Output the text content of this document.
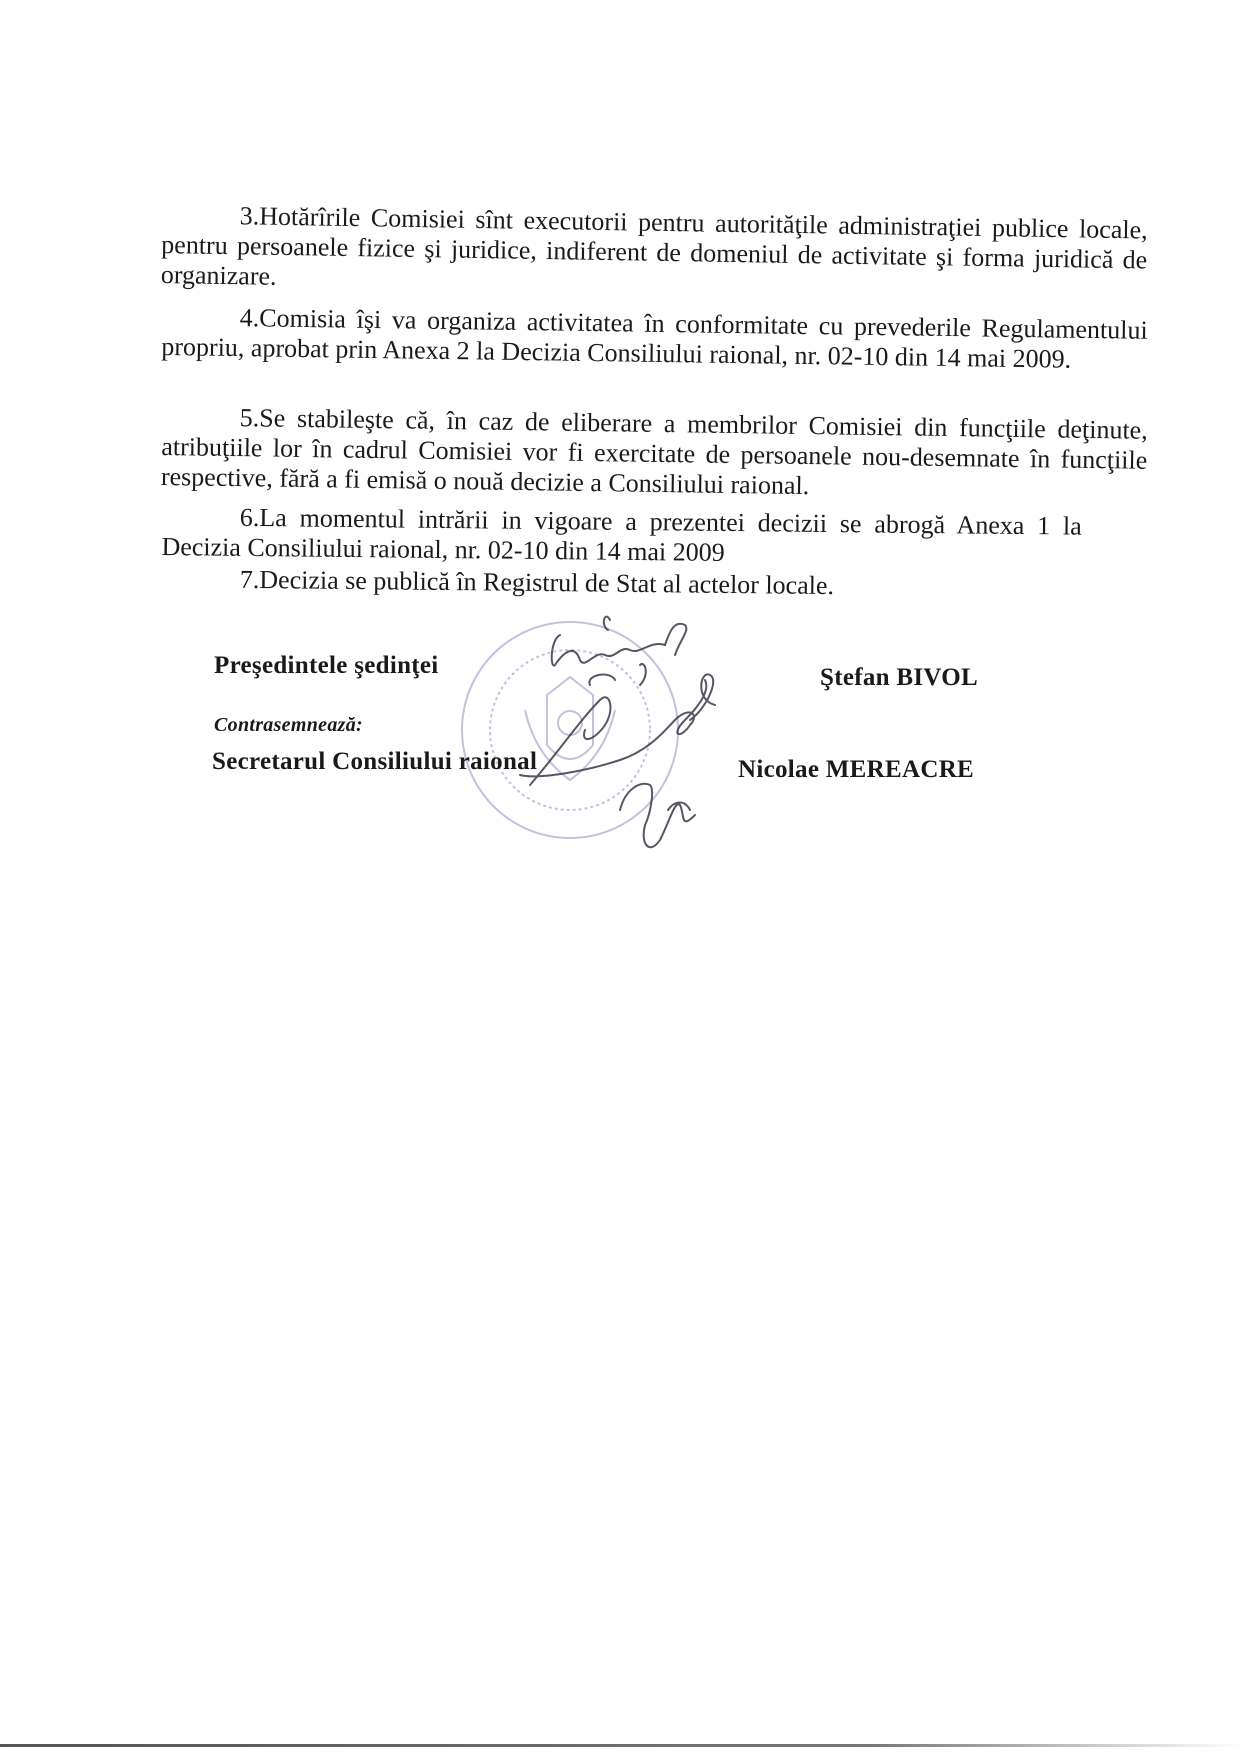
3.Hotărîrile Comisiei sînt executorii pentru autorităţile administraţiei publice locale, pentru persoanele fizice şi juridice, indiferent de domeniul de activitate şi forma juridică de organizare.

4.Comisia îşi va organiza activitatea în conformitate cu prevederile Regulamentului propriu, aprobat prin Anexa 2 la Decizia Consiliului raional, nr. 02-10 din 14 mai 2009.

5.Se stabileşte că, în caz de eliberare a membrilor Comisiei din funcţiile deţinute, atribuţiile lor în cadrul Comisiei vor fi exercitate de persoanele nou-desemnate în funcţiile respective, fără a fi emisă o nouă decizie a Consiliului raional.

6.La momentul intrării in vigoare a prezentei decizii se abrogă Anexa 1 la Decizia Consiliului raional, nr. 02-10 din 14 mai 2009

7.Decizia se publică în Registrul de Stat al actelor locale.

Preşedintele şedinţei	Ştefan BIVOL
Contrasemnează:
Secretarul Consiliului raional	Nicolae MEREACRE
